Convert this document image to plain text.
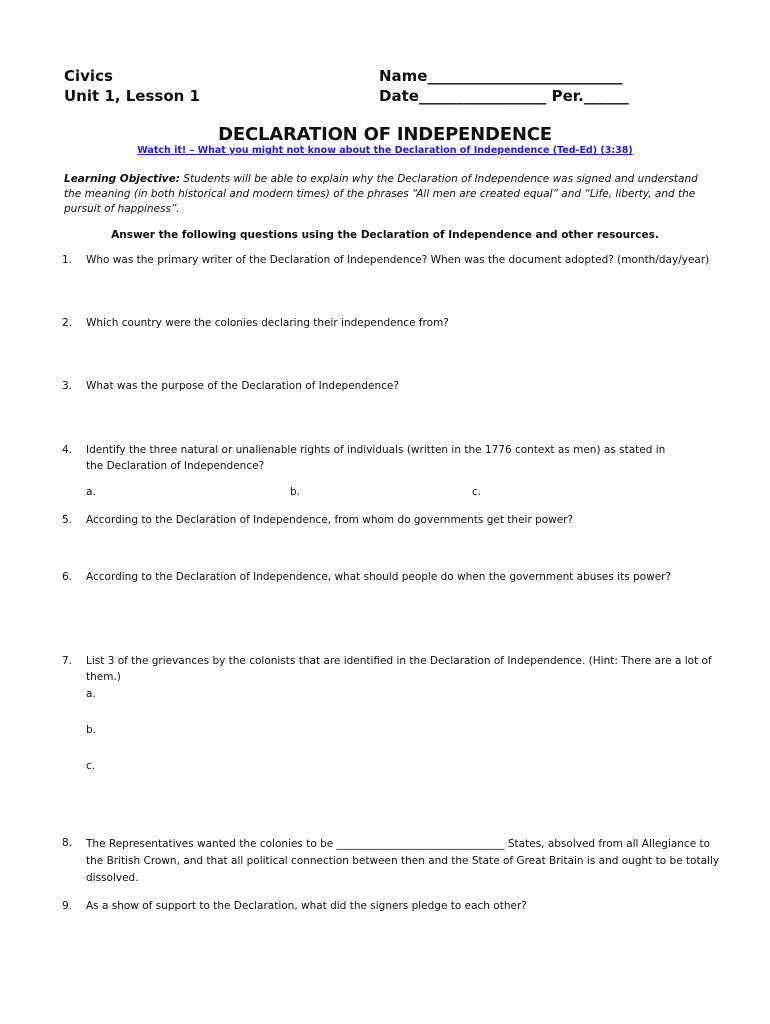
Civics
Unit 1, Lesson 1
Name__________________________
Date_________________ Per.______
DECLARATION OF INDEPENDENCE
Watch it! – What you might not know about the Declaration of Independence (Ted-Ed) (3:38)
Learning Objective: Students will be able to explain why the Declaration of Independence was signed and understand the meaning (in both historical and modern times) of the phrases “All men are created equal” and “Life, liberty, and the pursuit of happiness”.
Answer the following questions using the Declaration of Independence and other resources.
1.	Who was the primary writer of the Declaration of Independence? When was the document adopted? (month/day/year)
2.	Which country were the colonies declaring their independence from?
3.	What was the purpose of the Declaration of Independence?
4.	Identify the three natural or unalienable rights of individuals (written in the 1776 context as men) as stated in the Declaration of Independence?
a.	b.	c.
5.	According to the Declaration of Independence, from whom do governments get their power?
6.	According to the Declaration of Independence, what should people do when the government abuses its power?
7.	List 3 of the grievances by the colonists that are identified in the Declaration of Independence. (Hint: There are a lot of them.)
a.
b.
c.
8.	The Representatives wanted the colonies to be ________________________________ States, absolved from all Allegiance to the British Crown, and that all political connection between then and the State of Great Britain is and ought to be totally dissolved.
9.	As a show of support to the Declaration, what did the signers pledge to each other?
